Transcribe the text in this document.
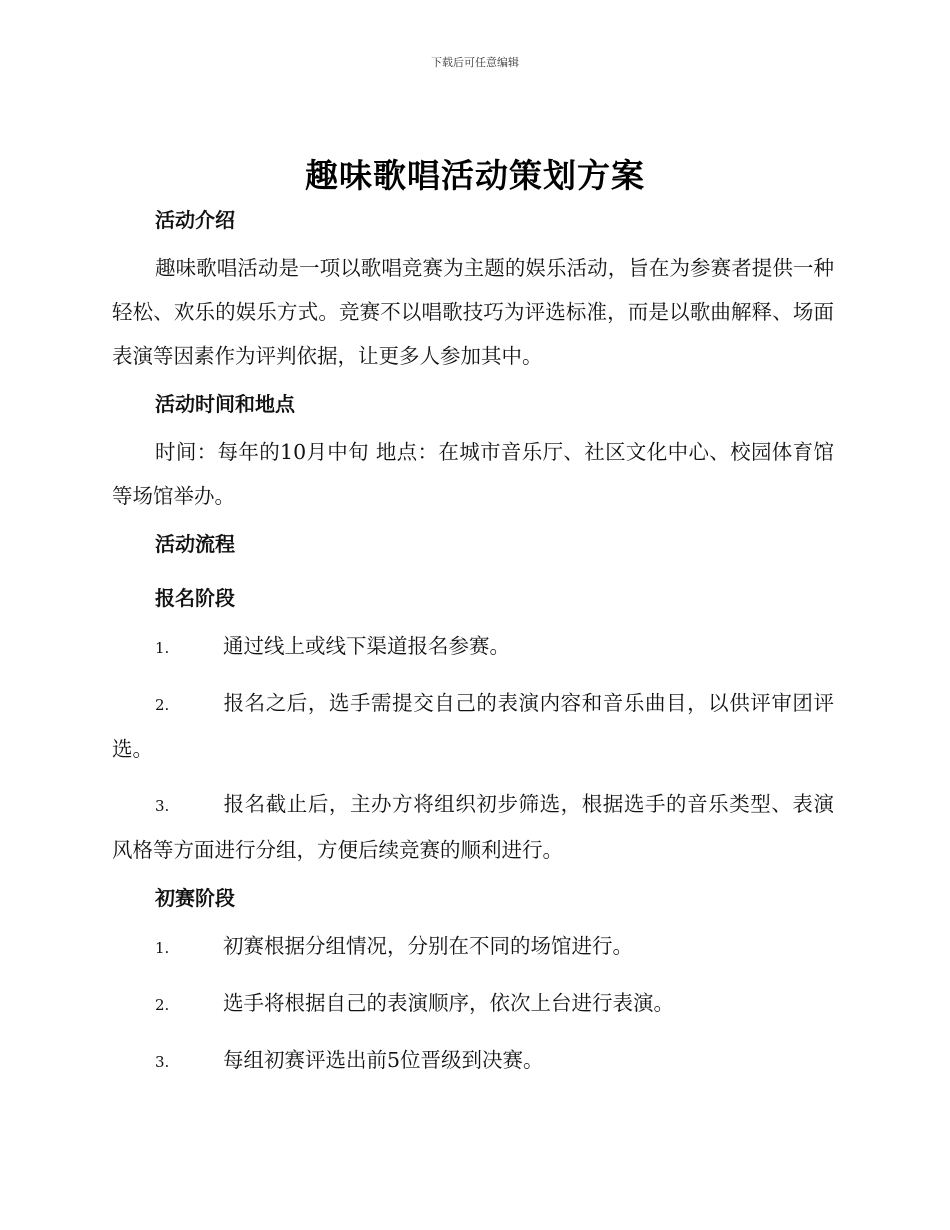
下载后可任意编辑
趣味歌唱活动策划方案
活动介绍
趣味歌唱活动是一项以歌唱竞赛为主题的娱乐活动，旨在为参赛者提供一种轻松、欢乐的娱乐方式。竞赛不以唱歌技巧为评选标准，而是以歌曲解释、场面表演等因素作为评判依据，让更多人参加其中。
活动时间和地点
时间：每年的10月中旬 地点：在城市音乐厅、社区文化中心、校园体育馆等场馆举办。
活动流程
报名阶段
1.	通过线上或线下渠道报名参赛。
2.	报名之后，选手需提交自己的表演内容和音乐曲目，以供评审团评选。
3.	报名截止后，主办方将组织初步筛选，根据选手的音乐类型、表演风格等方面进行分组，方便后续竞赛的顺利进行。
初赛阶段
1.	初赛根据分组情况，分别在不同的场馆进行。
2.	选手将根据自己的表演顺序，依次上台进行表演。
3.	每组初赛评选出前5位晋级到决赛。
